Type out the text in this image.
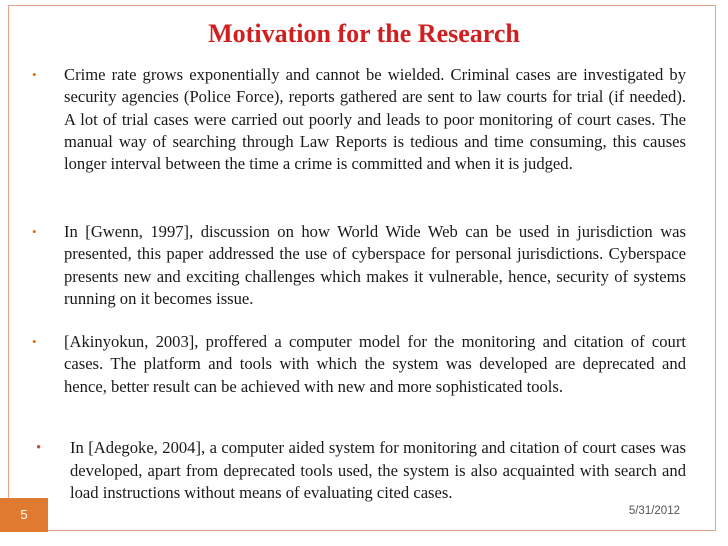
Motivation for the Research
•	Crime rate grows exponentially and cannot be wielded. Criminal cases are investigated by security agencies (Police Force), reports gathered are sent to law courts for trial (if needed). A lot of trial cases were carried out poorly and leads to poor monitoring of court cases. The manual way of searching through Law Reports is tedious and time consuming, this causes longer interval between the time a crime is committed and when it is judged.
•	In [Gwenn, 1997], discussion on how World Wide Web can be used in jurisdiction was presented, this paper addressed the use of cyberspace for personal jurisdictions. Cyberspace presents new and exciting challenges which makes it vulnerable, hence, security of systems running on it becomes issue.
•	[Akinyokun, 2003], proffered a computer model for the monitoring and citation of court cases. The platform and tools with which the system was developed are deprecated and hence, better result can be achieved with new and more sophisticated tools.
•	In [Adegoke, 2004], a computer aided system for monitoring and citation of court cases was developed, apart from deprecated tools used, the system is also acquainted with search and load instructions without means of evaluating cited cases.
5	5/31/2012
